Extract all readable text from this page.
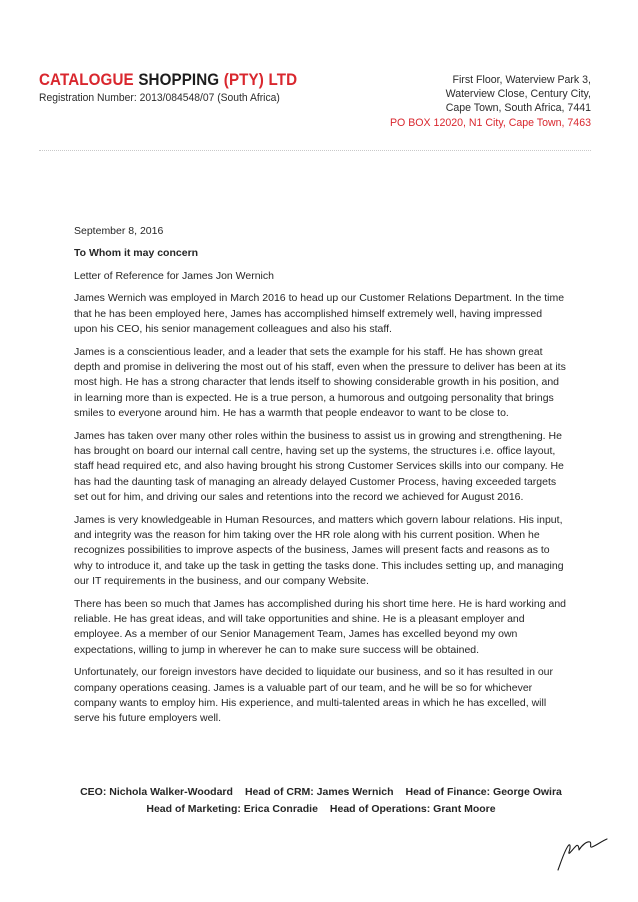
CATALOGUE SHOPPING (PTY) LTD
Registration Number: 2013/084548/07 (South Africa)
First Floor, Waterview Park 3,
Waterview Close, Century City,
Cape Town, South Africa, 7441
PO BOX 12020, N1 City, Cape Town, 7463

September 8, 2016

To Whom it may concern

Letter of Reference for James Jon Wernich

James Wernich was employed in March 2016 to head up our Customer Relations Department. In the time that he has been employed here, James has accomplished himself extremely well, having impressed upon his CEO, his senior management colleagues and also his staff.

James is a conscientious leader, and a leader that sets the example for his staff. He has shown great depth and promise in delivering the most out of his staff, even when the pressure to deliver has been at its most high. He has a strong character that lends itself to showing considerable growth in his position, and in learning more than is expected. He is a true person, a humorous and outgoing personality that brings smiles to everyone around him. He has a warmth that people endeavor to want to be close to.

James has taken over many other roles within the business to assist us in growing and strengthening. He has brought on board our internal call centre, having set up the systems, the structures i.e. office layout, staff head required etc, and also having brought his strong Customer Services skills into our company. He has had the daunting task of managing an already delayed Customer Process, having exceeded targets set out for him, and driving our sales and retentions into the record we achieved for August 2016.

James is very knowledgeable in Human Resources, and matters which govern labour relations. His input, and integrity was the reason for him taking over the HR role along with his current position. When he recognizes possibilities to improve aspects of the business, James will present facts and reasons as to why to introduce it, and take up the task in getting the tasks done. This includes setting up, and managing our IT requirements in the business, and our company Website.

There has been so much that James has accomplished during his short time here. He is hard working and reliable. He has great ideas, and will take opportunities and shine. He is a pleasant employer and employee. As a member of our Senior Management Team, James has excelled beyond my own expectations, willing to jump in wherever he can to make sure success will be obtained.

Unfortunately, our foreign investors have decided to liquidate our business, and so it has resulted in our company operations ceasing. James is a valuable part of our team, and he will be so for whichever company wants to employ him. His experience, and multi-talented areas in which he has excelled, will serve his future employers well.

CEO: Nichola Walker-Woodard Head of CRM: James Wernich Head of Finance: George Owira
Head of Marketing: Erica Conradie Head of Operations: Grant Moore
